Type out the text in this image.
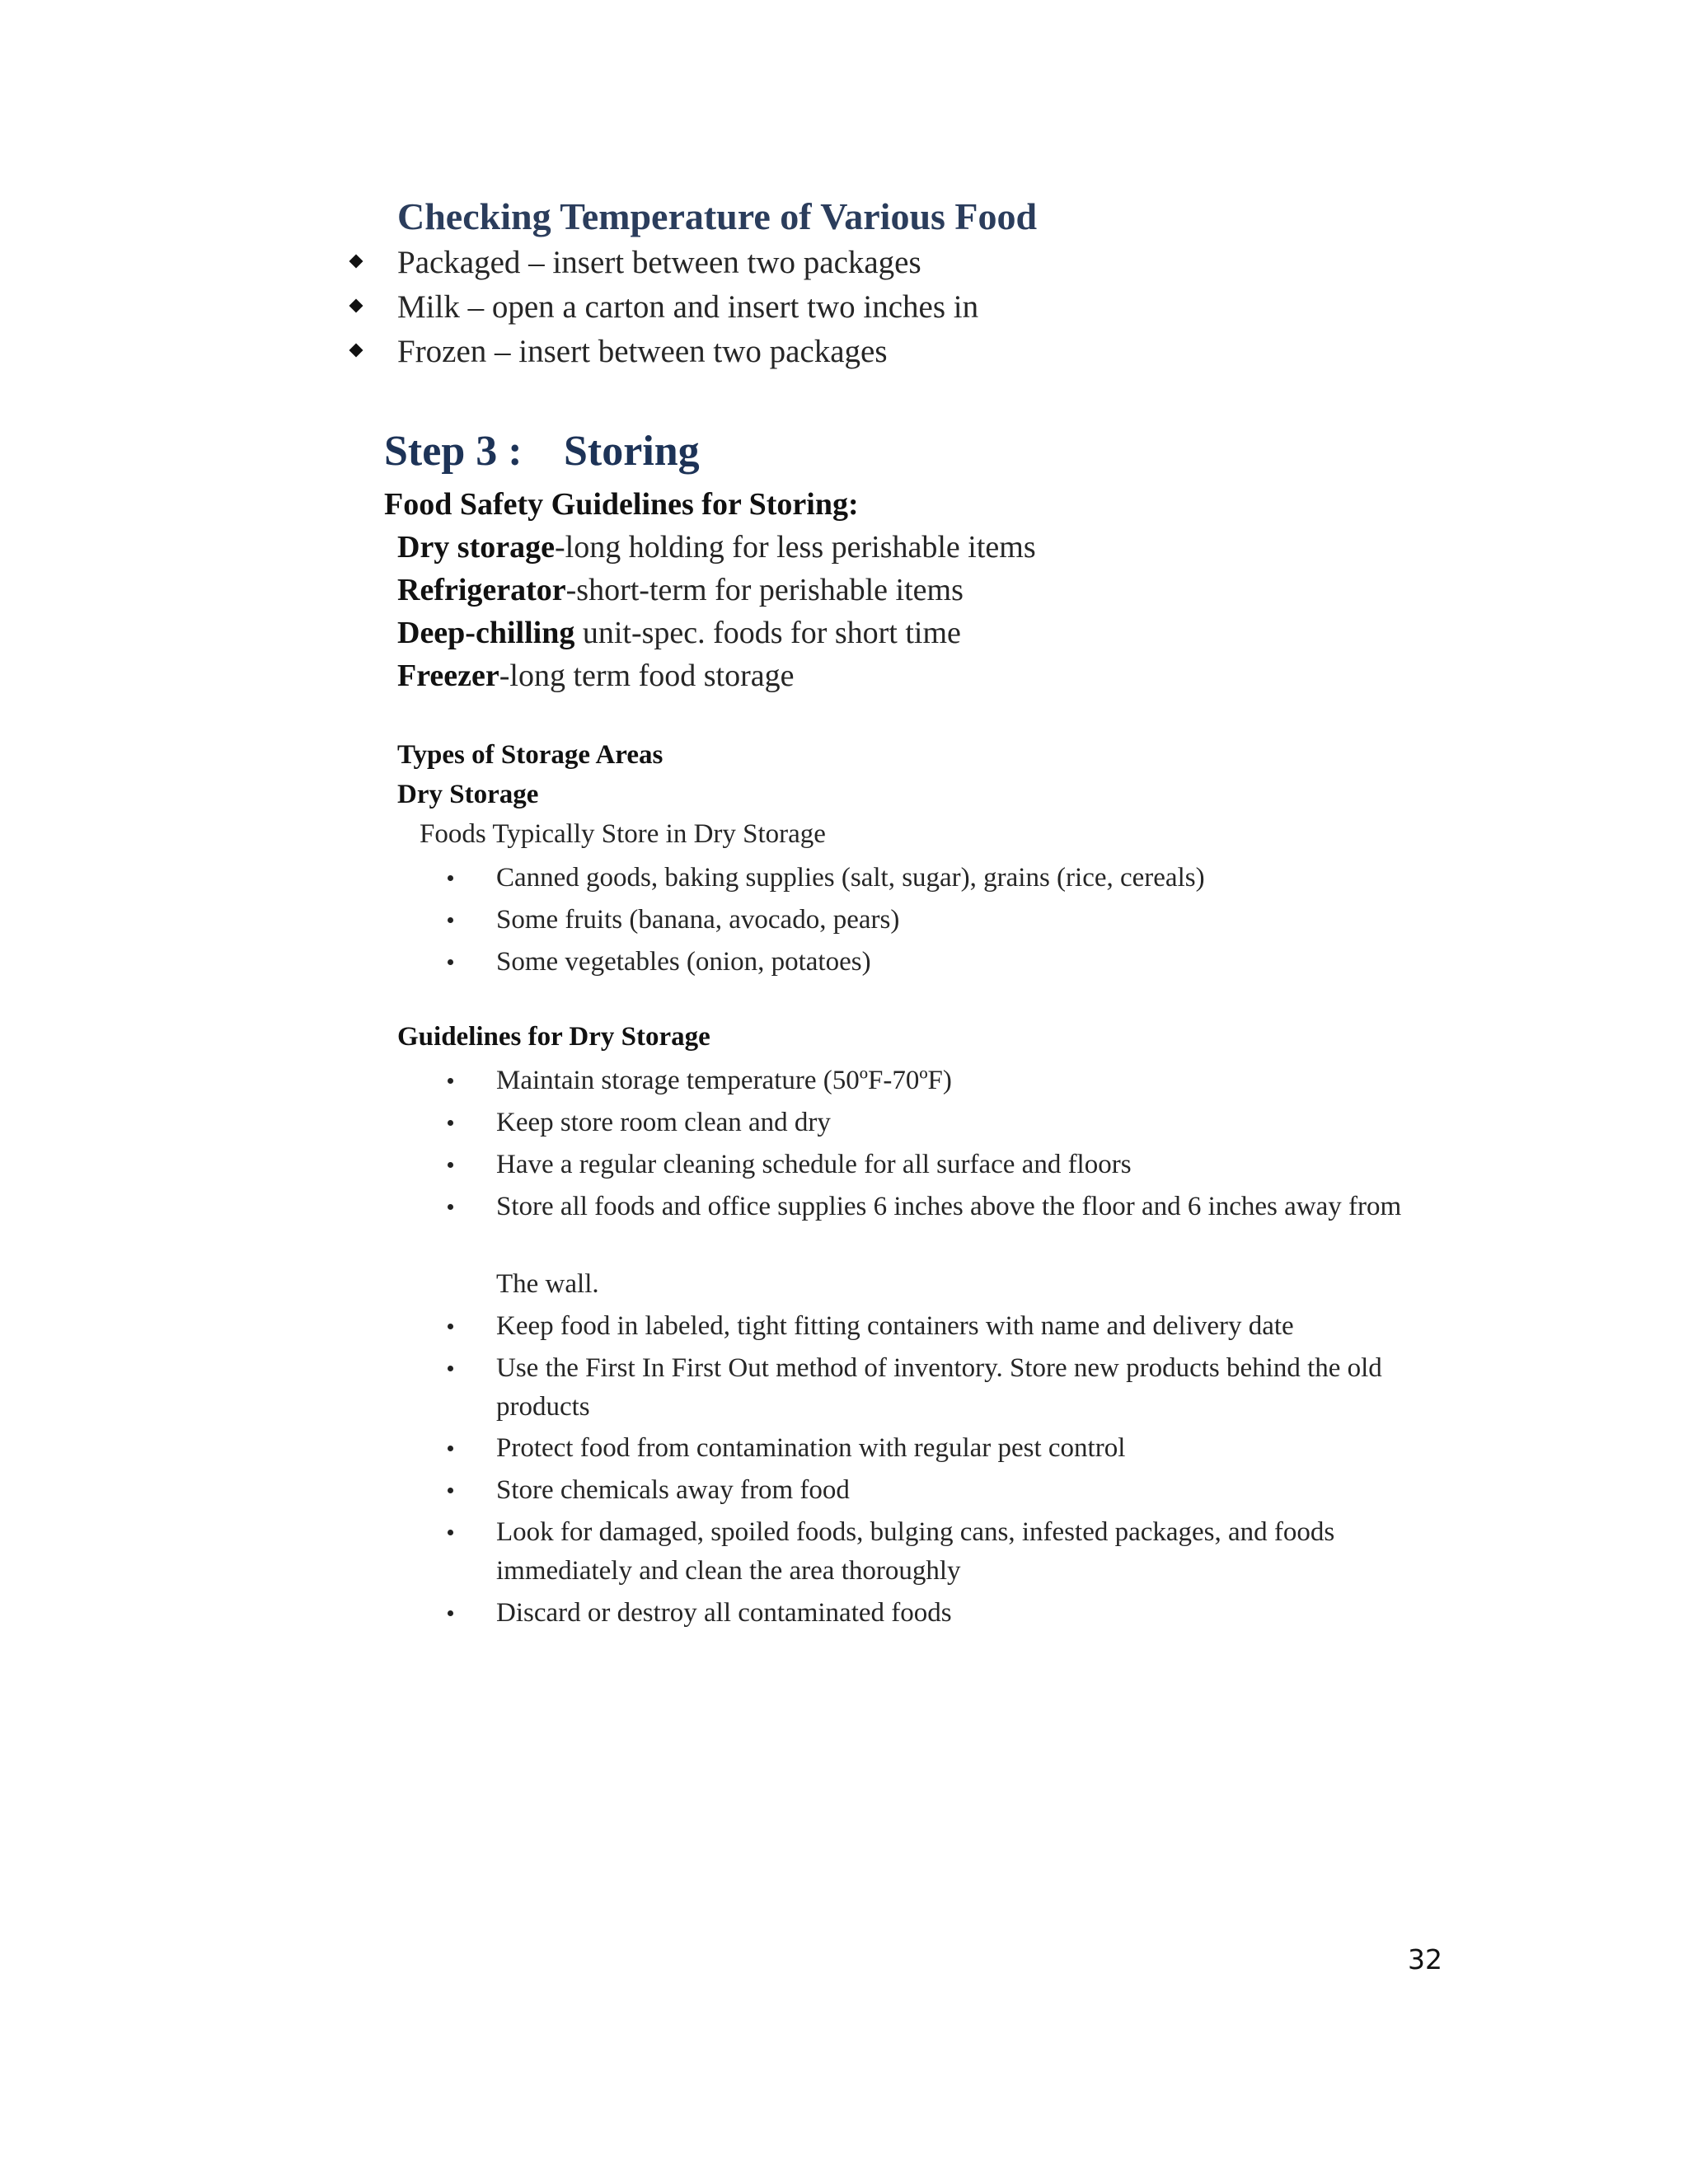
Checking Temperature of Various Food
Packaged – insert between two packages
Milk – open a carton and insert two inches in
Frozen – insert between two packages
Step 3 : Storing
Food Safety Guidelines for Storing:
Dry storage-long holding for less perishable items
Refrigerator-short-term for perishable items
Deep-chilling unit-spec. foods for short time
Freezer-long term food storage
Types of Storage Areas
Dry Storage
Foods Typically Store in Dry Storage
Canned goods, baking supplies (salt, sugar), grains (rice, cereals)
Some fruits (banana, avocado, pears)
Some vegetables (onion, potatoes)
Guidelines for Dry Storage
Maintain storage temperature (50ºF-70ºF)
Keep store room clean and dry
Have a regular cleaning schedule for all surface and floors
Store all foods and office supplies 6 inches above the floor and 6 inches away from
The wall.
Keep food in labeled, tight fitting containers with name and delivery date
Use the First In First Out method of inventory. Store new products behind the old products
Protect food from contamination with regular pest control
Store chemicals away from food
Look for damaged, spoiled foods, bulging cans, infested packages, and foods immediately and clean the area thoroughly
Discard or destroy all contaminated foods
32
